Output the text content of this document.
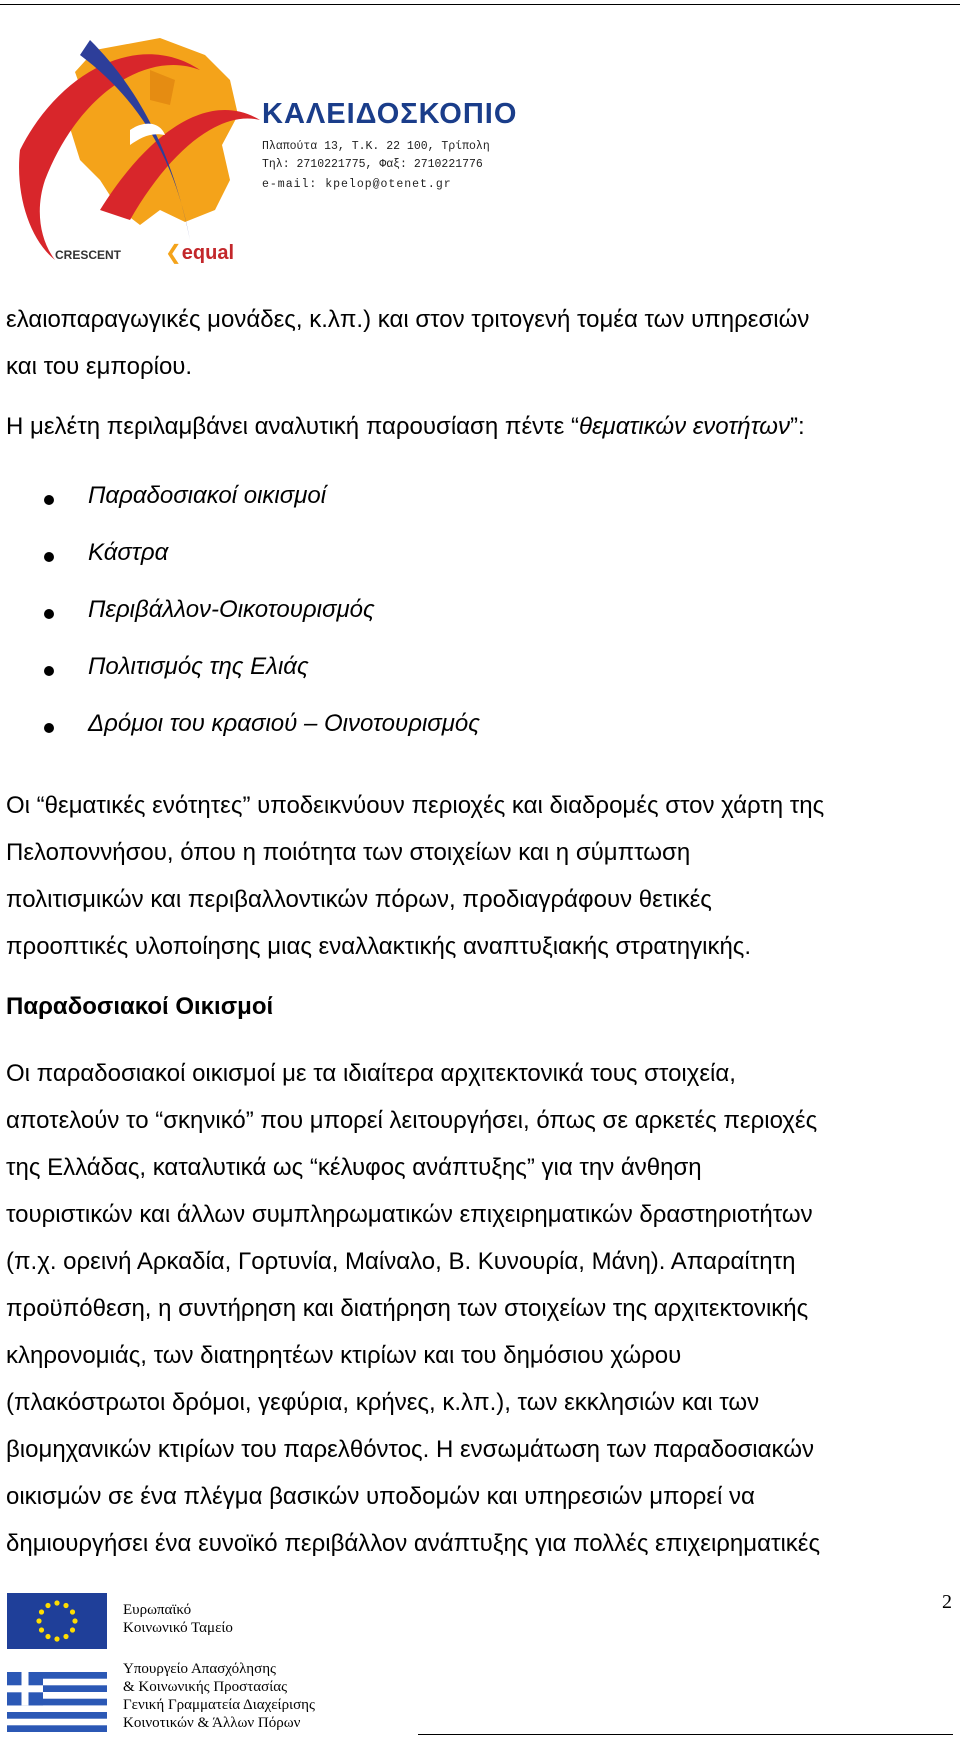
ΚΑΛΕΙΔΟΣΚΟΠΙΟ
Πλαπούτα 13, Τ.Κ. 22 100, Τρίπολη
Τηλ: 2710221775, Φαξ: 2710221776
e-mail: kpelop@otenet.gr
CRESCENT ❮equal

ελαιοπαραγωγικές μονάδες, κ.λπ.) και στον τριτογενή τομέα των υπηρεσιών
και του εμπορίου.

Η μελέτη περιλαμβάνει αναλυτική παρουσίαση πέντε “θεματικών ενοτήτων”:

Παραδοσιακοί οικισμοί
Κάστρα
Περιβάλλον-Οικοτουρισμός
Πολιτισμός της Ελιάς
Δρόμοι του κρασιού – Οινοτουρισμός

Οι “θεματικές ενότητες” υποδεικνύουν περιοχές και διαδρομές στον χάρτη της
Πελοποννήσου, όπου η ποιότητα των στοιχείων και η σύμπτωση
πολιτισμικών και περιβαλλοντικών πόρων, προδιαγράφουν θετικές
προοπτικές υλοποίησης μιας εναλλακτικής αναπτυξιακής στρατηγικής.

Παραδοσιακοί Οικισμοί

Οι παραδοσιακοί οικισμοί με τα ιδιαίτερα αρχιτεκτονικά τους στοιχεία,
αποτελούν το “σκηνικό” που μπορεί λειτουργήσει, όπως σε αρκετές περιοχές
της Ελλάδας, καταλυτικά ως “κέλυφος ανάπτυξης” για την άνθηση
τουριστικών και άλλων συμπληρωματικών επιχειρηματικών δραστηριοτήτων
(π.χ. ορεινή Αρκαδία, Γορτυνία, Μαίναλο, Β. Κυνουρία, Μάνη). Απαραίτητη
προϋπόθεση, η συντήρηση και διατήρηση των στοιχείων της αρχιτεκτονικής
κληρονομιάς, των διατηρητέων κτιρίων και του δημόσιου χώρου
(πλακόστρωτοι δρόμοι, γεφύρια, κρήνες, κ.λπ.), των εκκλησιών και των
βιομηχανικών κτιρίων του παρελθόντος. Η ενσωμάτωση των παραδοσιακών
οικισμών σε ένα πλέγμα βασικών υποδομών και υπηρεσιών μπορεί να
δημιουργήσει ένα ευνοϊκό περιβάλλον ανάπτυξης για πολλές επιχειρηματικές

Ευρωπαϊκό
Κοινωνικό Ταμείο
2
Υπουργείο Απασχόλησης
& Κοινωνικής Προστασίας
Γενική Γραμματεία Διαχείρισης
Κοινοτικών & Άλλων Πόρων
